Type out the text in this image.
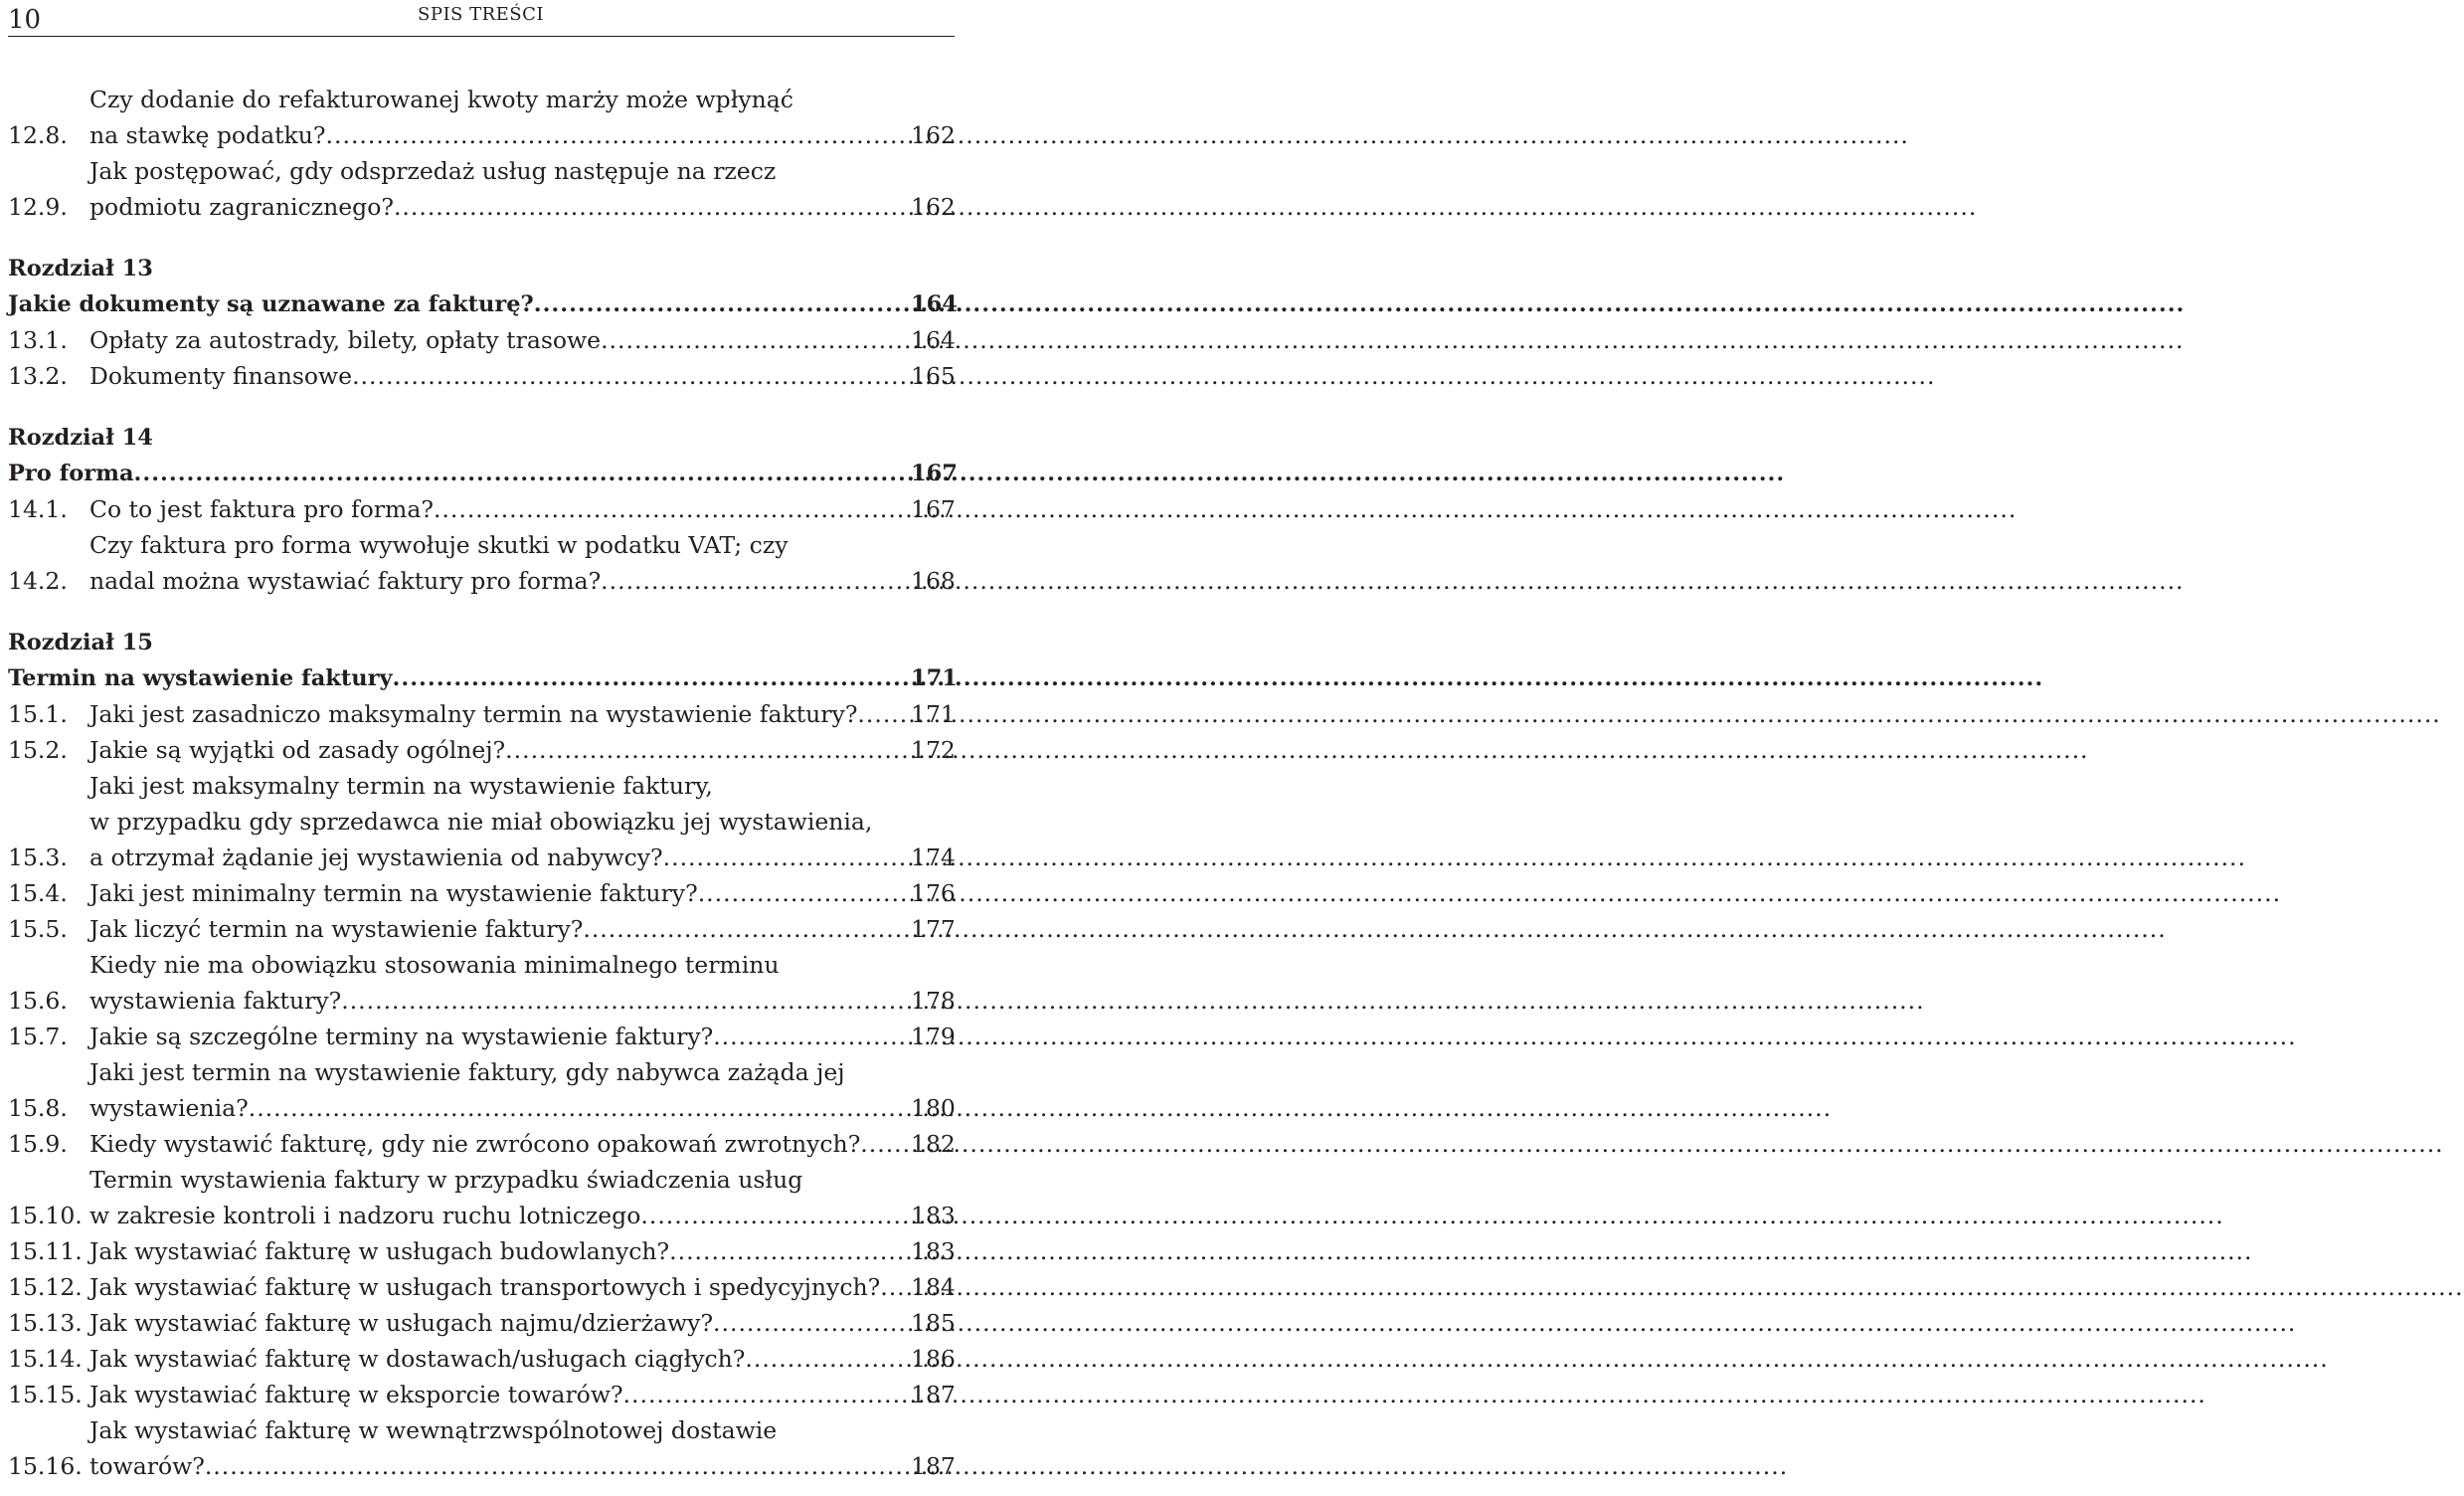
10	SPIS TREŚCI
12.8.
Czy dodanie do refakturowanej kwoty marży może wpłynąć
na stawkę podatku? .....	162
12.9.
Jak postępować, gdy odsprzedaż usług następuje na rzecz
podmiotu zagranicznego? .....	162
Rozdział 13
Jakie dokumenty są uznawane za fakturę? .....	164
13.1. Opłaty za autostrady, bilety, opłaty trasowe .....	164
13.2. Dokumenty finansowe .....	165
Rozdział 14
Pro forma .....	167
14.1. Co to jest faktura pro forma? .....	167
14.2.
Czy faktura pro forma wywołuje skutki w podatku VAT; czy
nadal można wystawiać faktury pro forma? .....	168
Rozdział 15
Termin na wystawienie faktury .....	171
15.1. Jaki jest zasadniczo maksymalny termin na wystawienie faktury? .....	171
15.2. Jakie są wyjątki od zasady ogólnej? .....	172
15.3.
Jaki jest maksymalny termin na wystawienie faktury,
w przypadku gdy sprzedawca nie miał obowiązku jej wystawienia,
a otrzymał żądanie jej wystawienia od nabywcy? .....	174
15.4. Jaki jest minimalny termin na wystawienie faktury? .....	176
15.5. Jak liczyć termin na wystawienie faktury? .....	177
15.6.
Kiedy nie ma obowiązku stosowania minimalnego terminu
wystawienia faktury? .....	178
15.7. Jakie są szczególne terminy na wystawienie faktury? .....	179
15.8.
Jaki jest termin na wystawienie faktury, gdy nabywca zażąda jej
wystawienia? .....	180
15.9. Kiedy wystawić fakturę, gdy nie zwrócono opakowań zwrotnych? .....	182
15.10.
Termin wystawienia faktury w przypadku świadczenia usług
w zakresie kontroli i nadzoru ruchu lotniczego .....	183
15.11. Jak wystawiać fakturę w usługach budowlanych? .....	183
15.12. Jak wystawiać fakturę w usługach transportowych i spedycyjnych? .....	184
15.13. Jak wystawiać fakturę w usługach najmu/dzierżawy? .....	185
15.14. Jak wystawiać fakturę w dostawach/usługach ciągłych? .....	186
15.15. Jak wystawiać fakturę w eksporcie towarów? .....	187
15.16.
Jak wystawiać fakturę w wewnątrzwspólnotowej dostawie
towarów? .....	187
